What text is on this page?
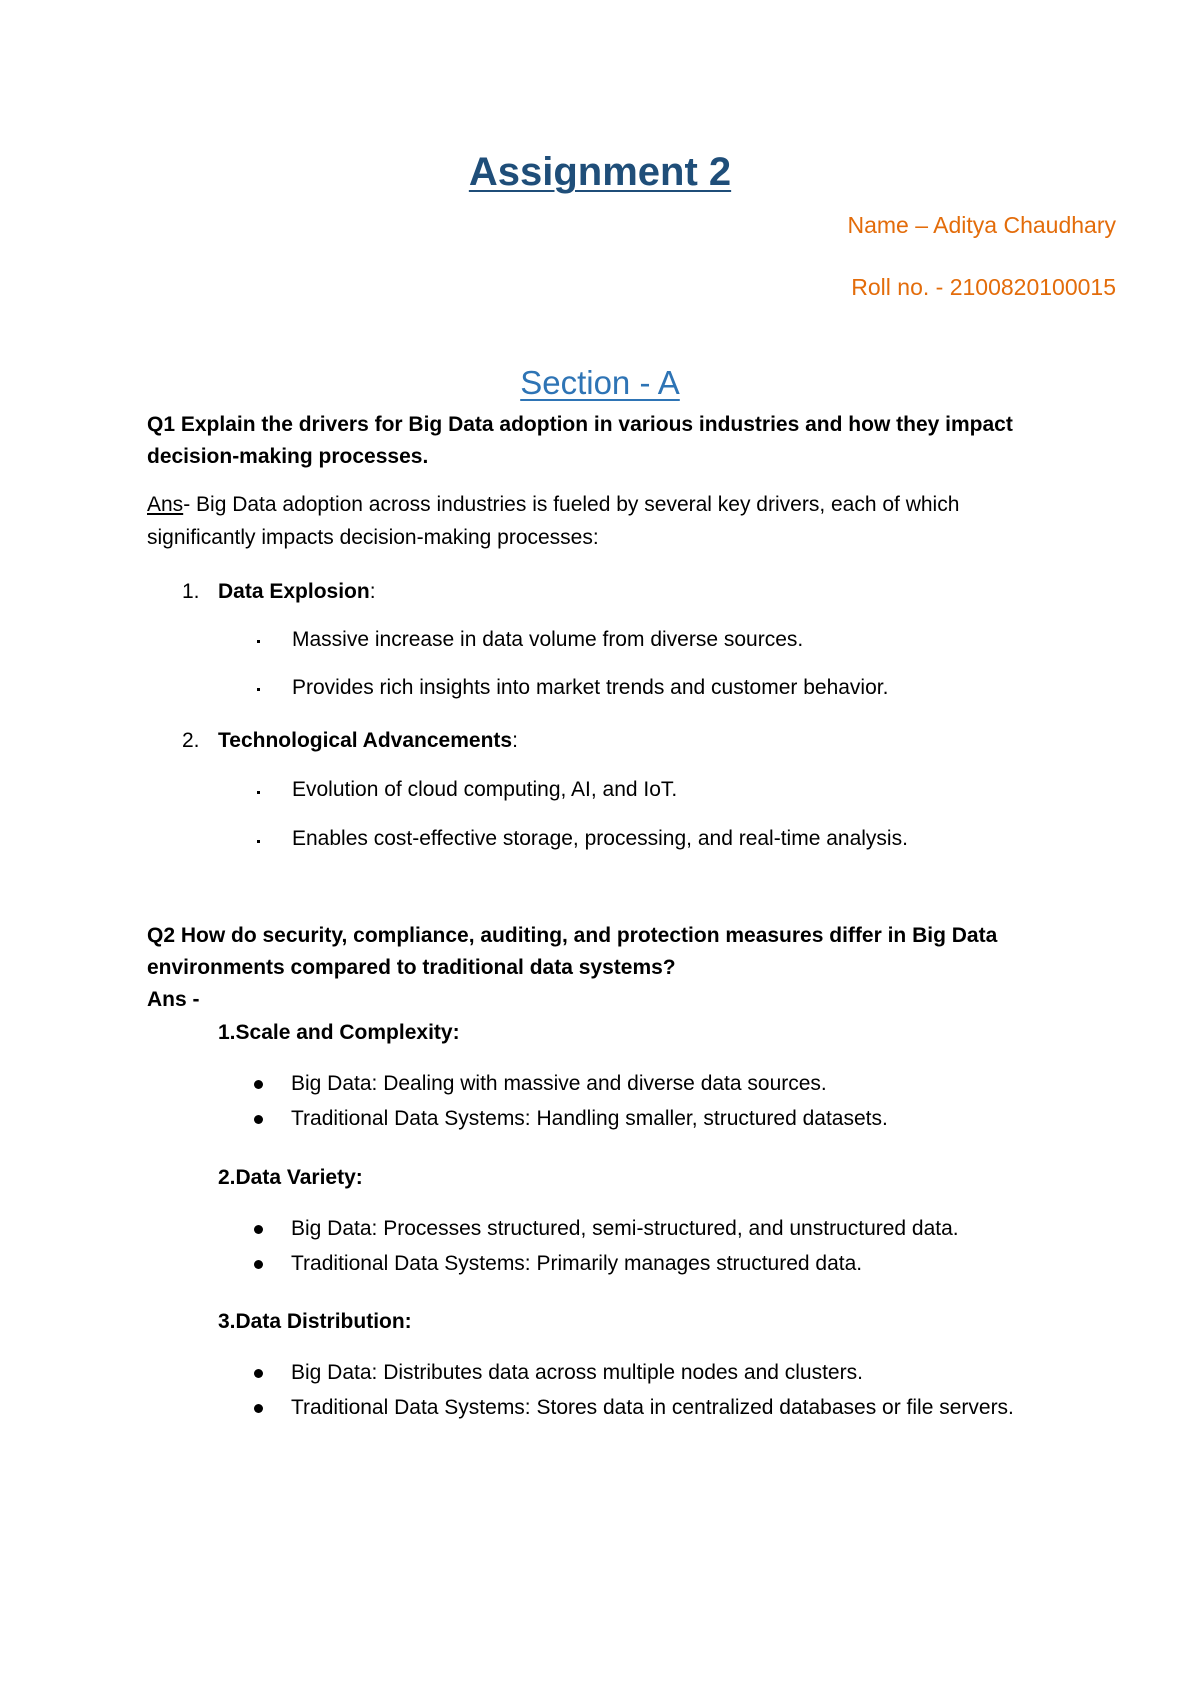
Assignment 2
Name – Aditya Chaudhary
Roll no. - 2100820100015
Section - A
Q1 Explain the drivers for Big Data adoption in various industries and how they impact
decision-making processes.
Ans- Big Data adoption across industries is fueled by several key drivers, each of which
significantly impacts decision-making processes:
1. Data Explosion:
Massive increase in data volume from diverse sources.
Provides rich insights into market trends and customer behavior.
2. Technological Advancements:
Evolution of cloud computing, AI, and IoT.
Enables cost-effective storage, processing, and real-time analysis.
Q2 How do security, compliance, auditing, and protection measures differ in Big Data
environments compared to traditional data systems?
Ans -
1.Scale and Complexity:
Big Data: Dealing with massive and diverse data sources.
Traditional Data Systems: Handling smaller, structured datasets.
2.Data Variety:
Big Data: Processes structured, semi-structured, and unstructured data.
Traditional Data Systems: Primarily manages structured data.
3.Data Distribution:
Big Data: Distributes data across multiple nodes and clusters.
Traditional Data Systems: Stores data in centralized databases or file servers.
